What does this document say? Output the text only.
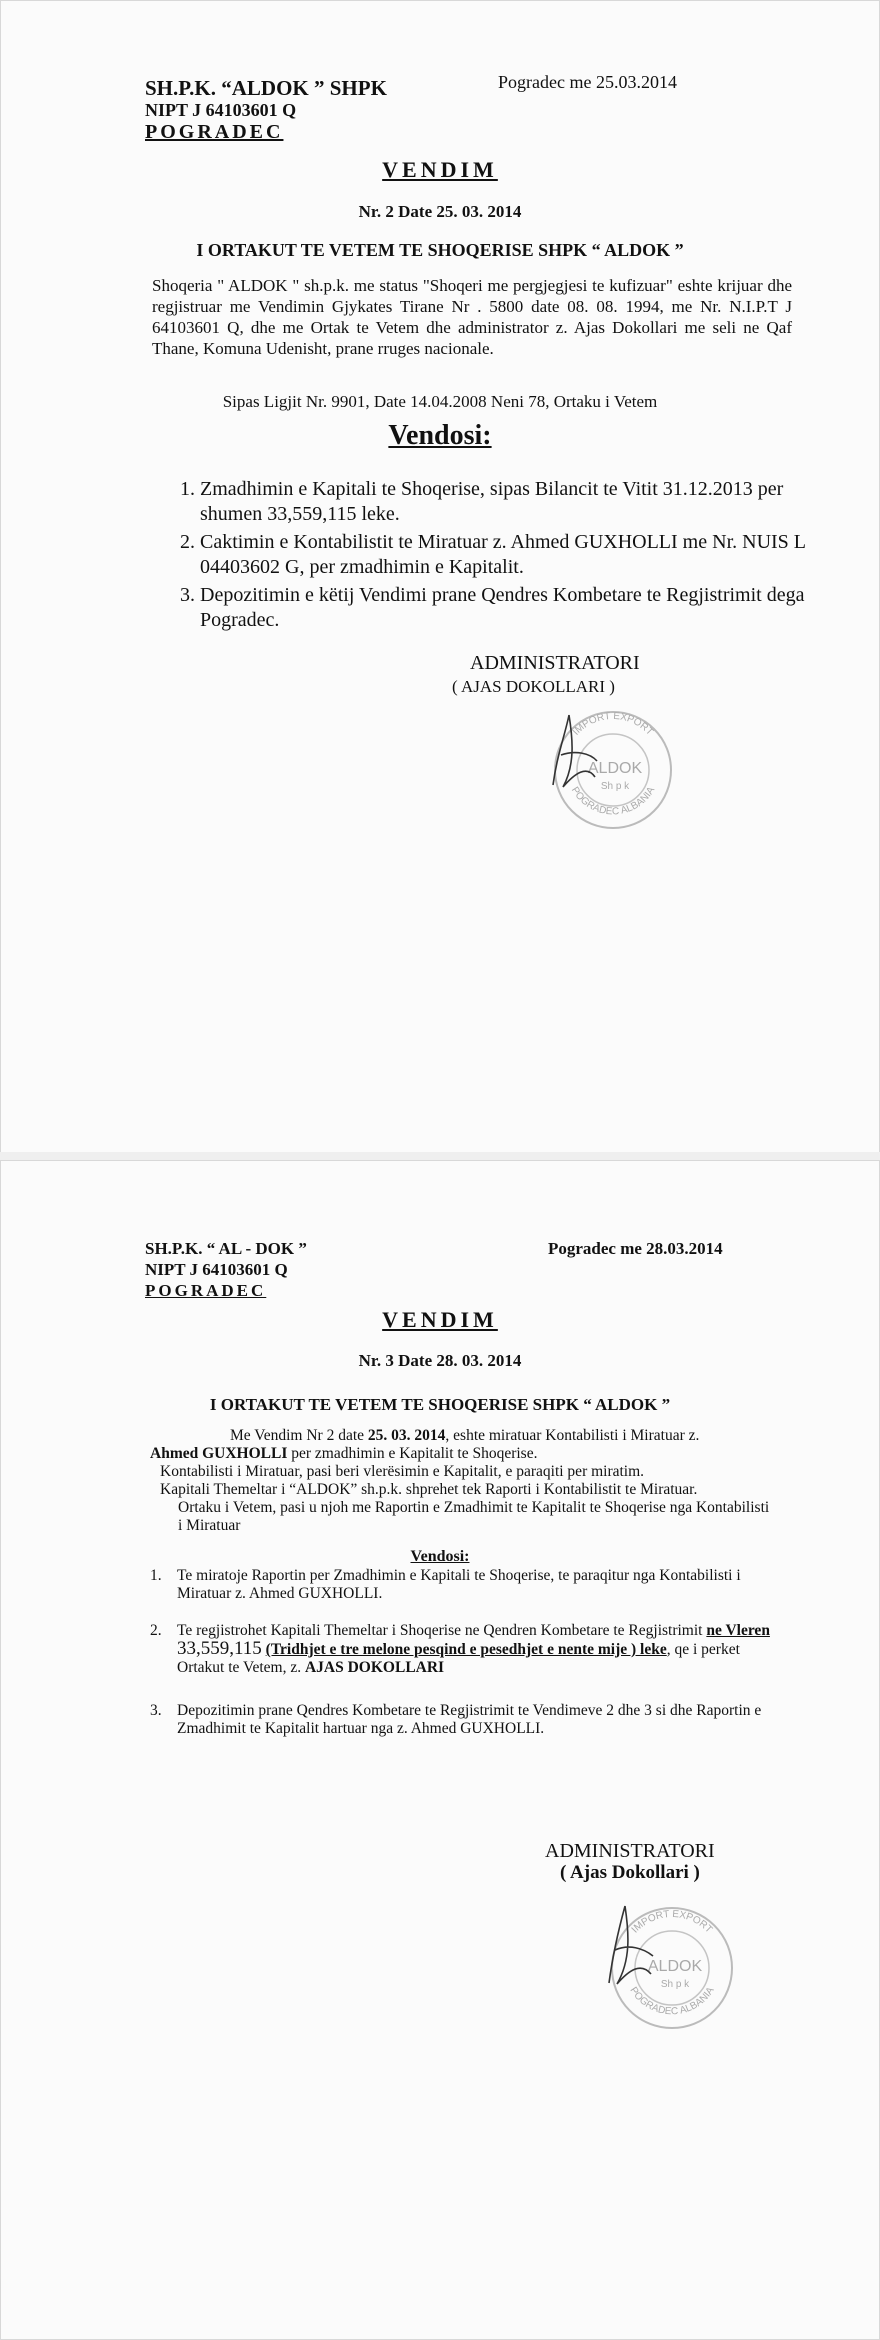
SH.P.K. “ALDOK ” SHPK
NIPT J 64103601 Q
POGRADEC
Pogradec me 25.03.2014
VENDIM
Nr. 2 Date 25. 03. 2014
I ORTAKUT TE VETEM TE SHOQERISE SHPK “ ALDOK ”
Shoqeria " ALDOK " sh.p.k. me status "Shoqeri me pergjegjesi te kufizuar" eshte krijuar dhe regjistruar me Vendimin Gjykates Tirane Nr . 5800 date 08. 08. 1994, me Nr. N.I.P.T J 64103601 Q, dhe me Ortak te Vetem dhe administrator z. Ajas Dokollari me seli ne Qaf Thane, Komuna Udenisht, prane rruges nacionale.
Sipas Ligjit Nr. 9901, Date 14.04.2008 Neni 78, Ortaku i Vetem
Vendosi:
1. Zmadhimin e Kapitali te Shoqerise, sipas Bilancit te Vitit 31.12.2013 per shumen 33,559,115 leke.
2. Caktimin e Kontabilistit te Miratuar z. Ahmed GUXHOLLI me Nr. NUIS L 04403602 G, per zmadhimin e Kapitalit.
3. Depozitimin e këtij Vendimi prane Qendres Kombetare te Regjistrimit dega Pogradec.
ADMINISTRATORI
( AJAS DOKOLLARI )
IMPORT EXPORT
POGRADEC ALBANIA
ALDOK
Sh p k
SH.P.K. “ AL - DOK ”
NIPT J 64103601 Q
POGRADEC
Pogradec me 28.03.2014
VENDIM
Nr. 3 Date 28. 03. 2014
I ORTAKUT TE VETEM TE SHOQERISE SHPK “ ALDOK ”
Me Vendim Nr 2 date 25. 03. 2014, eshte miratuar Kontabilisti i Miratuar z.
Ahmed GUXHOLLI per zmadhimin e Kapitalit te Shoqerise.
Kontabilisti i Miratuar, pasi beri vlerësimin e Kapitalit, e paraqiti per miratim.
Kapitali Themeltar i “ALDOK” sh.p.k. shprehet tek Raporti i Kontabilistit te Miratuar.
Ortaku i Vetem, pasi u njoh me Raportin e Zmadhimit te Kapitalit te Shoqerise nga Kontabilisti i Miratuar
Vendosi:
1. Te miratoje Raportin per Zmadhimin e Kapitali te Shoqerise, te paraqitur nga Kontabilisti i Miratuar z. Ahmed GUXHOLLI.
2. Te regjistrohet Kapitali Themeltar i Shoqerise ne Qendren Kombetare te Regjistrimit ne Vleren 33,559,115 (Tridhjet e tre melone pesqind e pesedhjet e nente mije ) leke, qe i perket Ortakut te Vetem, z. AJAS DOKOLLARI
3. Depozitimin prane Qendres Kombetare te Regjistrimit te Vendimeve 2 dhe 3 si dhe Raportin e Zmadhimit te Kapitalit hartuar nga z. Ahmed GUXHOLLI.
ADMINISTRATORI
( Ajas Dokollari )
IMPORT EXPORT
POGRADEC ALBANIA
ALDOK
Sh p k
